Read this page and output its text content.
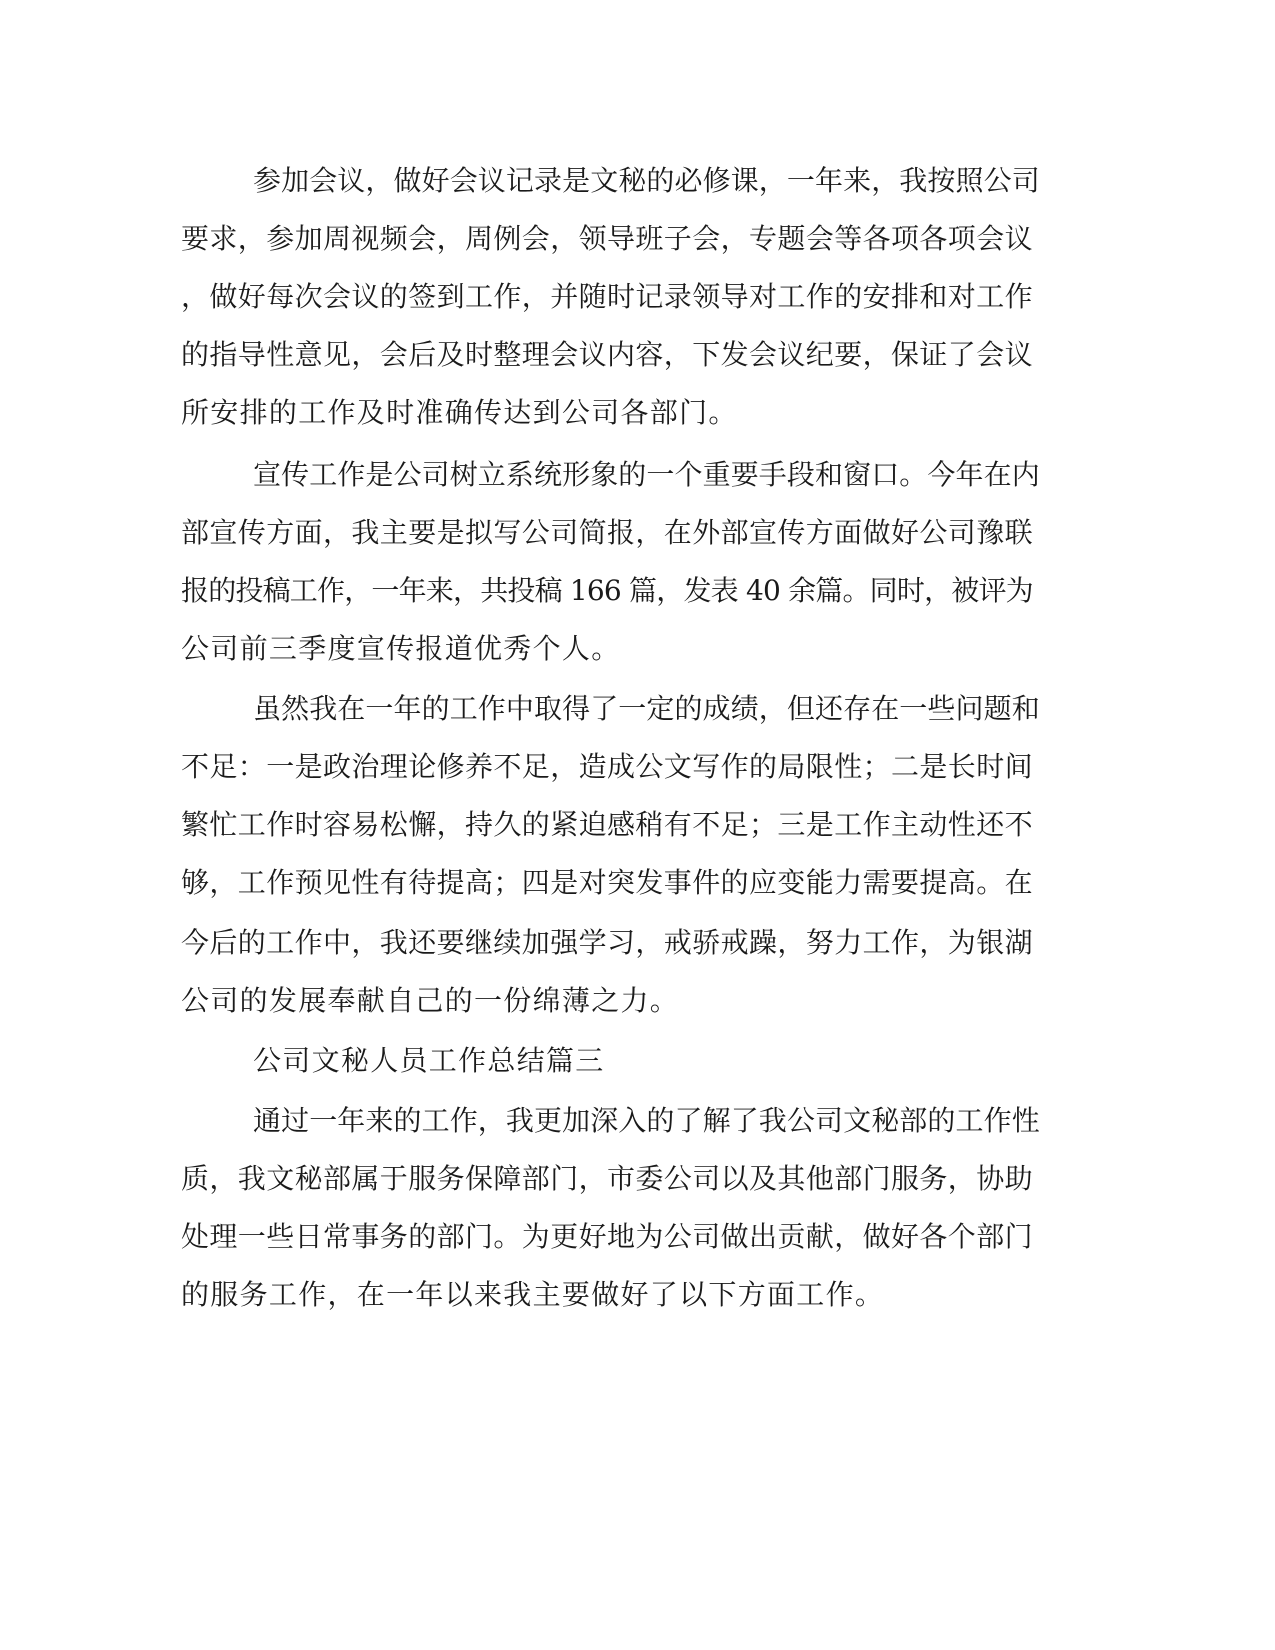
参加会议，做好会议记录是文秘的必修课，一年来，我按照公司

要求，参加周视频会，周例会，领导班子会，专题会等各项各项会议

，做好每次会议的签到工作，并随时记录领导对工作的安排和对工作

的指导性意见，会后及时整理会议内容，下发会议纪要，保证了会议

所安排的工作及时准确传达到公司各部门。

宣传工作是公司树立系统形象的一个重要手段和窗口。今年在内

部宣传方面，我主要是拟写公司简报，在外部宣传方面做好公司豫联

报的投稿工作，一年来，共投稿 166 篇，发表 40 余篇。同时，被评为

公司前三季度宣传报道优秀个人。

虽然我在一年的工作中取得了一定的成绩，但还存在一些问题和

不足：一是政治理论修养不足，造成公文写作的局限性；二是长时间

繁忙工作时容易松懈，持久的紧迫感稍有不足；三是工作主动性还不

够，工作预见性有待提高；四是对突发事件的应变能力需要提高。在

今后的工作中，我还要继续加强学习，戒骄戒躁，努力工作，为银湖

公司的发展奉献自己的一份绵薄之力。

公司文秘人员工作总结篇三

通过一年来的工作，我更加深入的了解了我公司文秘部的工作性

质，我文秘部属于服务保障部门，市委公司以及其他部门服务，协助

处理一些日常事务的部门。为更好地为公司做出贡献，做好各个部门

的服务工作，在一年以来我主要做好了以下方面工作。
